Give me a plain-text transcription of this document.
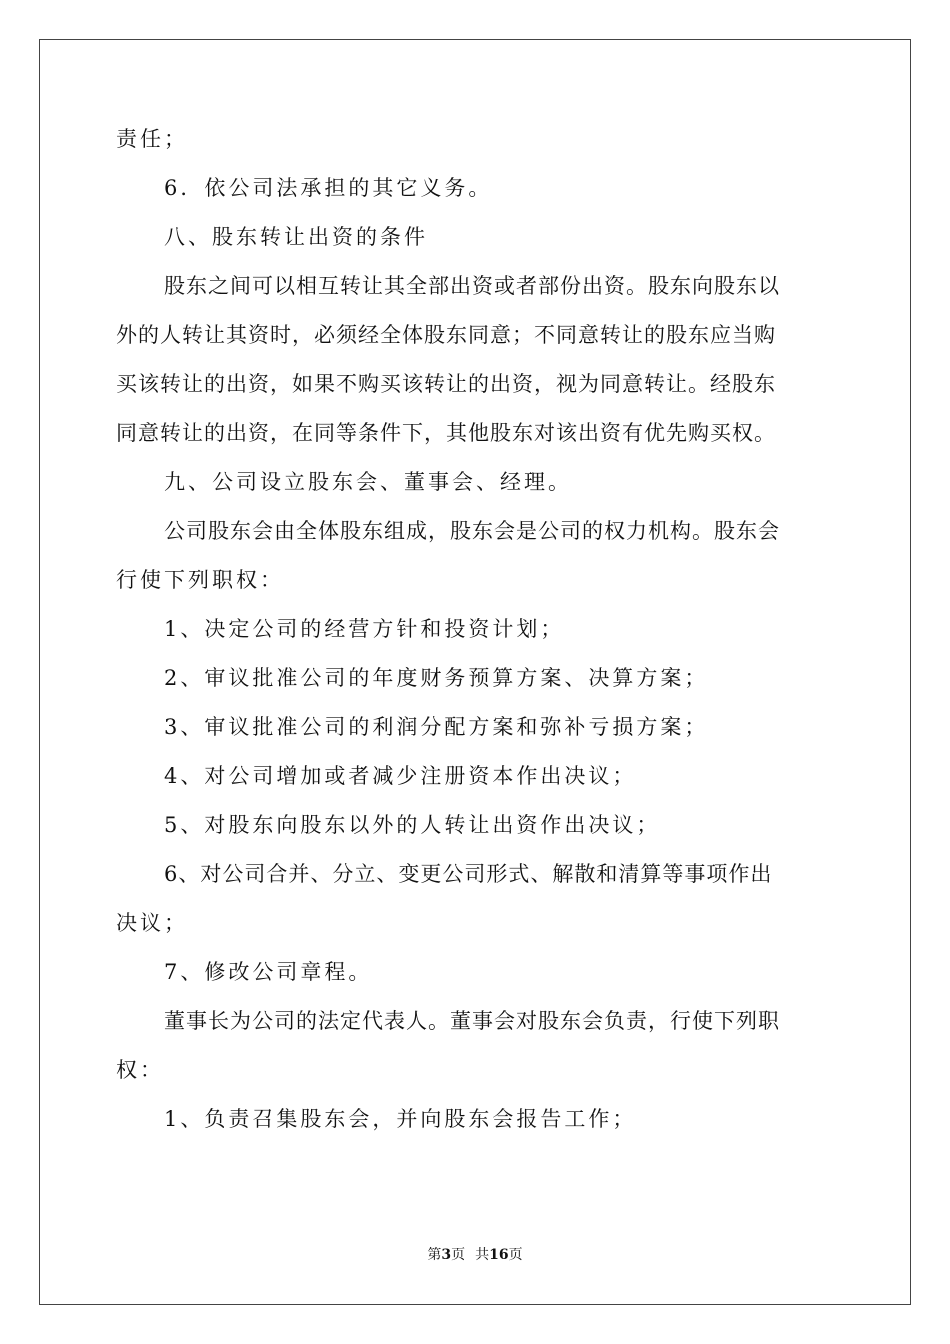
责任；
6．依公司法承担的其它义务。
八、股东转让出资的条件
股东之间可以相互转让其全部出资或者部份出资。股东向股东以
外的人转让其资时，必须经全体股东同意；不同意转让的股东应当购
买该转让的出资，如果不购买该转让的出资，视为同意转让。经股东
同意转让的出资，在同等条件下，其他股东对该出资有优先购买权。
九、公司设立股东会、董事会、经理。
公司股东会由全体股东组成，股东会是公司的权力机构。股东会
行使下列职权：
1、决定公司的经营方针和投资计划；
2、审议批准公司的年度财务预算方案、决算方案；
3、审议批准公司的利润分配方案和弥补亏损方案；
4、对公司增加或者减少注册资本作出决议；
5、对股东向股东以外的人转让出资作出决议；
6、对公司合并、分立、变更公司形式、解散和清算等事项作出
决议；
7、修改公司章程。
董事长为公司的法定代表人。董事会对股东会负责，行使下列职
权：
1、负责召集股东会，并向股东会报告工作；
第3页 共16页
